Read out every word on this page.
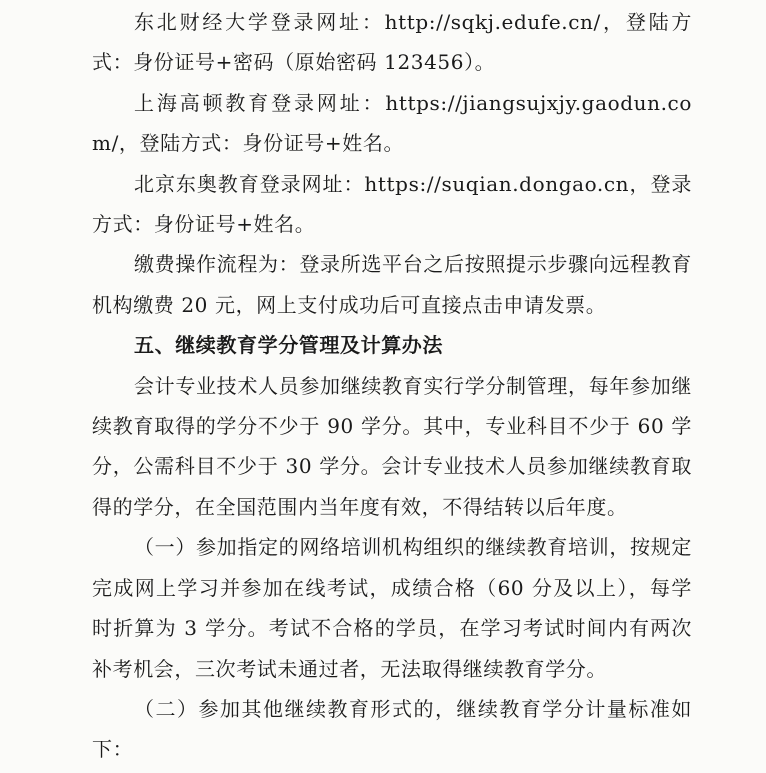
东北财经大学登录网址：http://sqkj.edufe.cn/，登陆方式：身份证号+密码（原始密码 123456）。

上海高顿教育登录网址：https://jiangsujxjy.gaodun.com/，登陆方式：身份证号+姓名。

北京东奥教育登录网址：https://suqian.dongao.cn，登录方式：身份证号+姓名。

缴费操作流程为：登录所选平台之后按照提示步骤向远程教育机构缴费 20 元，网上支付成功后可直接点击申请发票。

五、继续教育学分管理及计算办法

会计专业技术人员参加继续教育实行学分制管理，每年参加继续教育取得的学分不少于 90 学分。其中，专业科目不少于 60 学分，公需科目不少于 30 学分。会计专业技术人员参加继续教育取得的学分，在全国范围内当年度有效，不得结转以后年度。

（一）参加指定的网络培训机构组织的继续教育培训，按规定完成网上学习并参加在线考试，成绩合格（60 分及以上），每学时折算为 3 学分。考试不合格的学员，在学习考试时间内有两次补考机会，三次考试未通过者，无法取得继续教育学分。

（二）参加其他继续教育形式的，继续教育学分计量标准如下：
